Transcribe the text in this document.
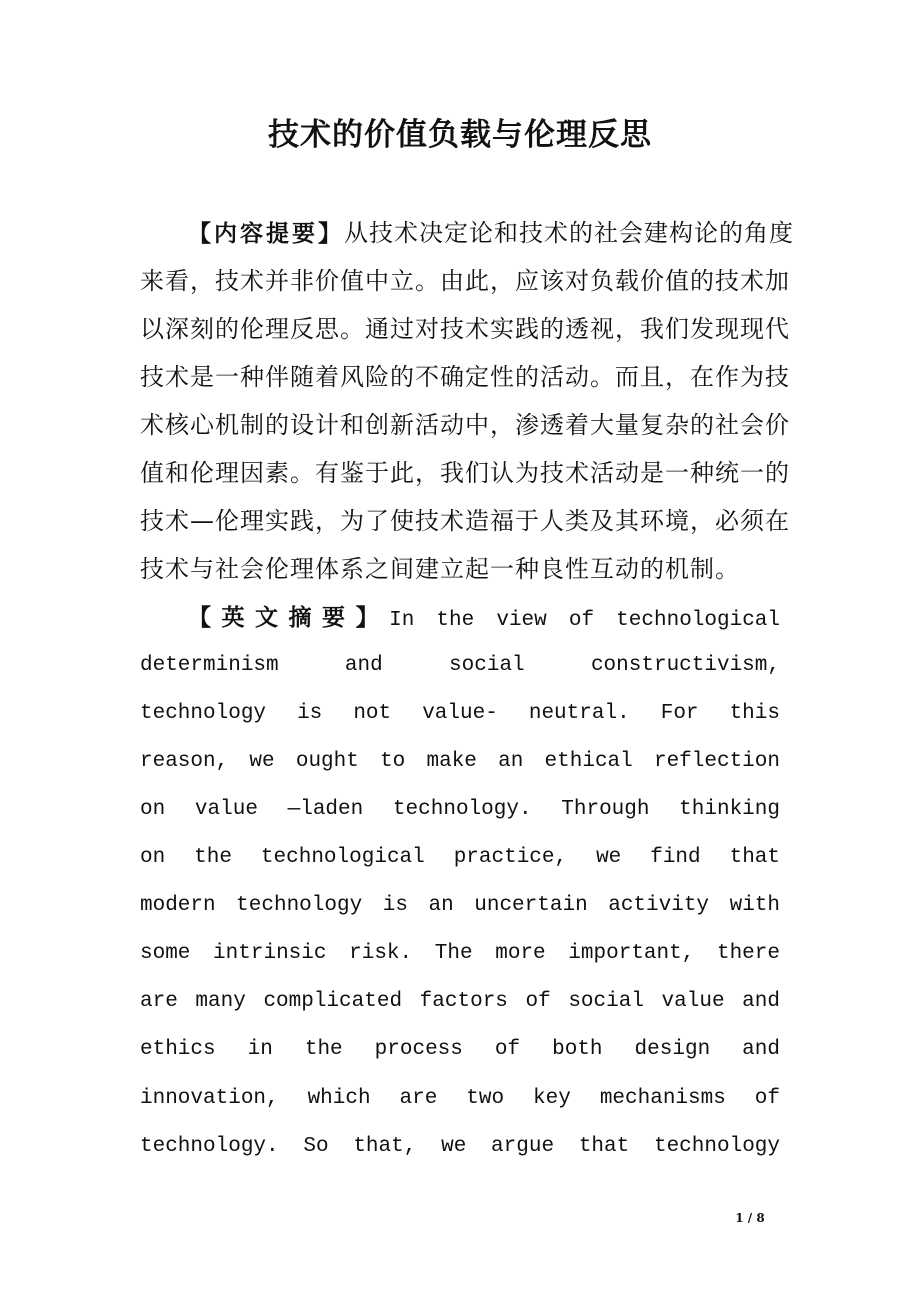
技术的价值负载与伦理反思
【内容提要】从技术决定论和技术的社会建构论的角度
来看，技术并非价值中立。由此，应该对负载价值的技术加
以深刻的伦理反思。通过对技术实践的透视，我们发现现代
技术是一种伴随着风险的不确定性的活动。而且，在作为技
术核心机制的设计和创新活动中，渗透着大量复杂的社会价
值和伦理因素。有鉴于此，我们认为技术活动是一种统一的
技术—伦理实践，为了使技术造福于人类及其环境，必须在
技术与社会伦理体系之间建立起一种良性互动的机制。
【英文摘要】In the view of technological
determinism and social constructivism,
technology is not value- neutral. For this
reason, we ought to make an ethical reflection
on value —laden technology. Through thinking
on the technological practice, we find that
modern technology is an uncertain activity with
some intrinsic risk. The more important, there
are many complicated factors of social value and
ethics in the process of both design and
innovation, which are two key mechanisms of
technology. So that, we argue that technology
1 / 8
